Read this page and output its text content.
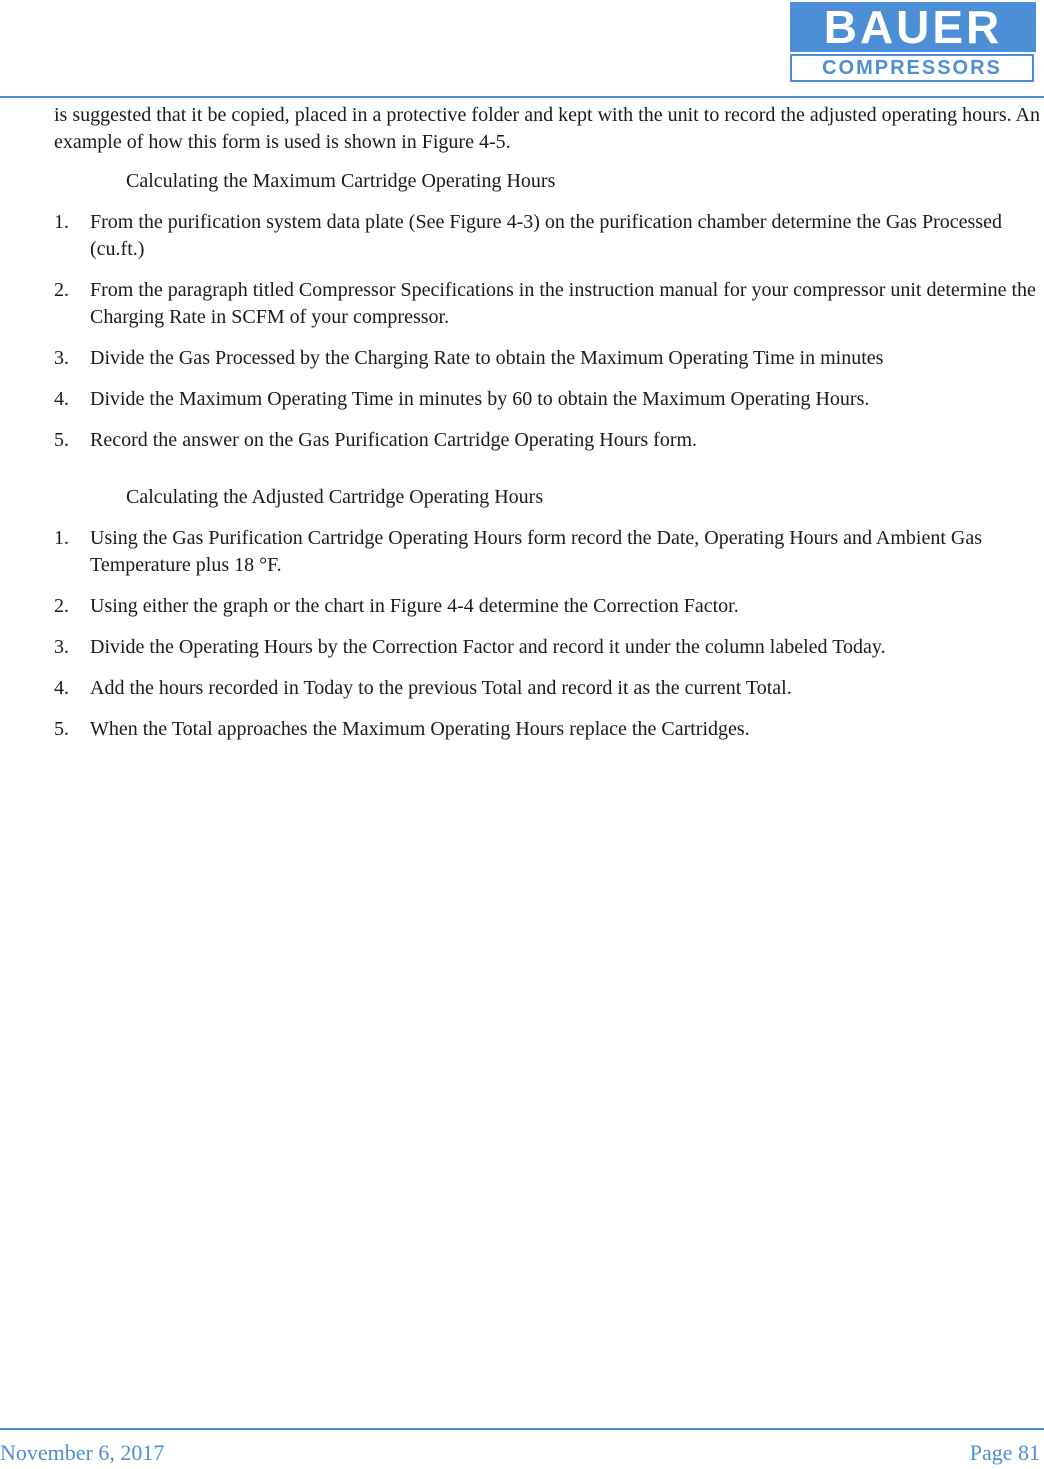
BAUER
COMPRESSORS

is suggested that it be copied, placed in a protective folder and kept with the unit to record the adjusted operating hours. An example of how this form is used is shown in Figure 4-5.

Calculating the Maximum Cartridge Operating Hours

1. From the purification system data plate (See Figure 4-3) on the purification chamber determine the Gas Processed (cu.ft.)
2. From the paragraph titled Compressor Specifications in the instruction manual for your compressor unit determine the Charging Rate in SCFM of your compressor.
3. Divide the Gas Processed by the Charging Rate to obtain the Maximum Operating Time in minutes
4. Divide the Maximum Operating Time in minutes by 60 to obtain the Maximum Operating Hours.
5. Record the answer on the Gas Purification Cartridge Operating Hours form.

Calculating the Adjusted Cartridge Operating Hours

1. Using the Gas Purification Cartridge Operating Hours form record the Date, Operating Hours and Ambient Gas Temperature plus 18 °F.
2. Using either the graph or the chart in Figure 4-4 determine the Correction Factor.
3. Divide the Operating Hours by the Correction Factor and record it under the column labeled Today.
4. Add the hours recorded in Today to the previous Total and record it as the current Total.
5. When the Total approaches the Maximum Operating Hours replace the Cartridges.
November 6, 2017	Page 81
